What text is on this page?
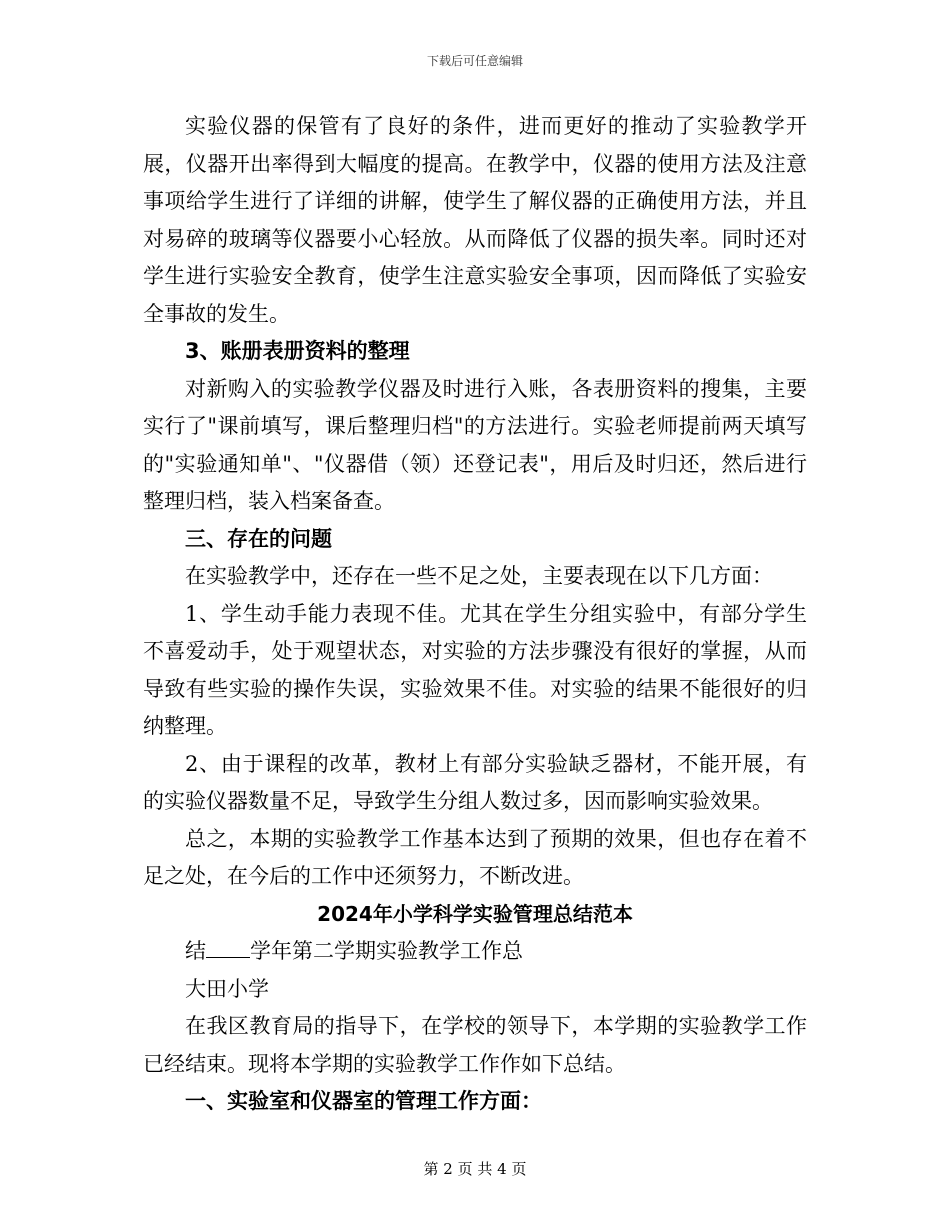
下载后可任意编辑

实验仪器的保管有了良好的条件，进而更好的推动了实验教学开展，仪器开出率得到大幅度的提高。在教学中，仪器的使用方法及注意事项给学生进行了详细的讲解，使学生了解仪器的正确使用方法，并且对易碎的玻璃等仪器要小心轻放。从而降低了仪器的损失率。同时还对学生进行实验安全教育，使学生注意实验安全事项，因而降低了实验安全事故的发生。

3、账册表册资料的整理

对新购入的实验教学仪器及时进行入账，各表册资料的搜集，主要实行了"课前填写，课后整理归档"的方法进行。实验老师提前两天填写的"实验通知单"、"仪器借（领）还登记表"，用后及时归还，然后进行整理归档，装入档案备查。

三、存在的问题

在实验教学中，还存在一些不足之处，主要表现在以下几方面：

1、学生动手能力表现不佳。尤其在学生分组实验中，有部分学生不喜爱动手，处于观望状态，对实验的方法步骤没有很好的掌握，从而导致有些实验的操作失误，实验效果不佳。对实验的结果不能很好的归纳整理。

2、由于课程的改革，教材上有部分实验缺乏器材，不能开展，有的实验仪器数量不足，导致学生分组人数过多，因而影响实验效果。

总之，本期的实验教学工作基本达到了预期的效果，但也存在着不足之处，在今后的工作中还须努力，不断改进。

2024年小学科学实验管理总结范本

结 学年第二学期实验教学工作总

大田小学

在我区教育局的指导下，在学校的领导下，本学期的实验教学工作已经结束。现将本学期的实验教学工作作如下总结。

一、实验室和仪器室的管理工作方面：

第 2 页 共 4 页
